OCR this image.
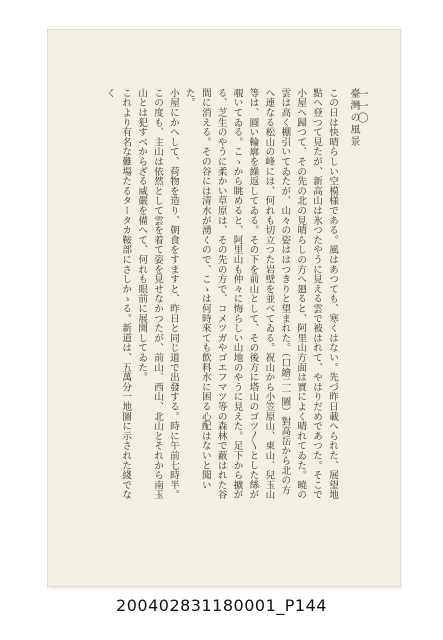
一一〇
臺灣の風景

この日は快晴らしい空模様である。風はあつても、寒くはない。先づ昨日載へられた、展望地點へ登つて見たが、新高山は氷つたやうに見える雲で被はれて、やはりだめであつた。そこで小屋へ歸つて、その先の北の見晴らしの方へ廻ると、阿里山方面は實によく晴れてゐた。曉の雲は高く棚引いてゐたが、山々の姿ははつきりと望まれた。（口繪二一圖）對高岳から北の方へ連なる松山の峰には、何れも切立つた岩壁を並べてゐる。祝山から小笠原山、東山、兒玉山等は、圓い輪廓を繰返してゐる。その下を前山として、その後方に塔山のゴツ〳〵とした絲が覗いてゐる。こゝから眺めると、阿里山も仲々に悔らしい山地のやうに見えた。足下から擴がる、芝生のやうに柔かい草原は、その先の方で、コメツガやゴエフマツ等の森林で蔽はれた谷間に消える。その谷には清水が湧くので、こゝは何時來ても飲料水に困る心配はないと聞いた。

小屋にかへして、荷物を造り、朝食をすますと、昨日と同じ道で出發する。時に午前七時半。この度も、主山は依然として雲を着て姿を見せなかつたが、前山、西山、北山とそれから南玉山とは犯すべからざる威嚴を備へて、何れも眼前に展開してゐた。

これより有名な難場たるタータカ鞍部にさしかゝる。新道は、五萬分一地圖に示された綫でなく

200402831180001_P144
